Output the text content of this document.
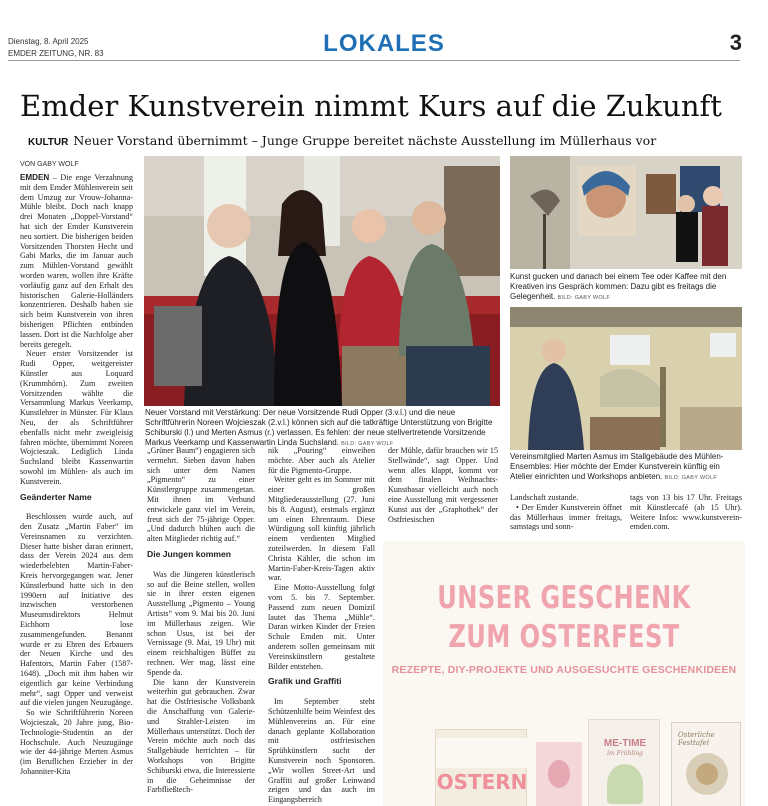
Dienstag, 8. April 2025
EMDER ZEITUNG, NR. 83	LOKALES	3
Emder Kunstverein nimmt Kurs auf die Zukunft
KULTUR Neuer Vorstand übernimmt – Junge Gruppe bereitet nächste Ausstellung im Müllerhaus vor
VON GABY WOLF

EMDEN – Die enge Verzahnung mit dem Emder Mühlenverein seit dem Umzug zur Vrouw-Johanna-Mühle bleibt. Doch nach knapp drei Monaten „Doppel-Vorstand“ hat sich der Emder Kunstverein neu sortiert. Die bisherigen beiden Vorsitzenden Thorsten Hecht und Gabi Marks, die im Januar auch zum Mühlen-Vorstand gewählt worden waren, wollen ihre Kräfte vorläufig ganz auf den Erhalt des historischen Galerie-Holländers konzentrieren. Deshalb haben sie sich beim Kunstverein von ihren bisherigen Pflichten entbinden lassen. Dort ist die Nachfolge aber bereits geregelt.

Neuer erster Vorsitzender ist Rudi Opper, weitgereister Künstler aus Loquard (Krummhörn). Zum zweiten Vorsitzenden wählte die Versammlung Markus Veerkamp, Kunstlehrer in Münster. Für Klaus Neu, der als Schriftführer ebenfalls nicht mehr zweigleisig fahren möchte, übernimmt Noreen Wojcieszak. Lediglich Linda Suchsland bleibt Kassenwartin sowohl im Mühlen- als auch im Kunstverein.

Geänderter Name

Beschlossen wurde auch, auf den Zusatz „Martin Faber“ im Vereinsnamen zu verzichten. Dieser hatte bisher daran erinnert, dass der Verein 2024 aus dem wiederbelebten Martin-Faber-Kreis hervorgegangen war. Jener Künstlerbund hatte sich in den 1990ern auf Initiative des inzwischen verstorbenen Museumsdirektors Helmut Eichhorn lose zusammengefunden. Benannt wurde er zu Ehren des Erbauers der Neuen Kirche und des Hafentors, Martin Faber (1587-1648). „Doch mit ihm haben wir eigentlich gar keine Verbindung mehr“, sagt Opper und verweist auf die vielen jungen Neuzugänge.

So wie Schriftführerin Noreen Wojcieszak, 20 Jahre jung, Bio-Technologie-Studentin an der Hochschule. Auch Neuzugänge wie der 44-jährige Merten Asmus (im Beruflichen Erzieher in der Johanniter-Kita

Neuer Vorstand mit Verstärkung: Der neue Vorsitzende Rudi Opper (3.v.l.) und die neue Schriftführerin Noreen Wojcieszak (2.v.l.) können sich auf die tatkräftige Unterstützung von Brigitte Schiburski (l.) und Merten Asmus (r.) verlassen. Es fehlen: der neue stellvertretende Vorsitzende Markus Veerkamp und Kassenwartin Linda Suchsland. BILD: GABY WOLF
Kunst gucken und danach bei einem Tee oder Kaffee mit den Kreativen ins Gespräch kommen: Dazu gibt es freitags die Gelegenheit. BILD: GABY WOLF
Vereinsmitglied Marten Asmus im Stallgebäude des Mühlen-Ensembles: Hier möchte der Emder Kunstverein künftig ein Atelier einrichten und Workshops anbieten. BILD: GABY WOLF

„Grüner Baum“) engagieren sich vermehrt. Sieben davon haben sich unter dem Namen „Pigmento“ zu einer Künstlergruppe zusammengetan. Mit ihnen im Verbund entwickele ganz viel im Verein, freut sich der 75-jährige Opper. „Und dadurch blühen auch die alten Mitglieder richtig auf.“

Die Jungen kommen

Was die Jüngeren künstlerisch so auf die Beine stellen, wollen sie in ihrer ersten eigenen Ausstellung „Pigmento – Young Artists“ vom 9. Mai bis 20. Juni im Müllerhaus zeigen. Wie schon Usus, ist bei der Vernissage (9. Mai, 19 Uhr) mit einem reichhaltigen Büffet zu rechnen. Wer mag, lässt eine Spende da.

Die kann der Kunstverein weiterhin gut gebrauchen. Zwar hat die Ostfriesische Volksbank die Anschaffung von Galerie- und Strahler-Leisten im Müllerhaus unterstützt. Doch der Verein möchte auch noch das Stallgebäude herrichten – für Workshops von Brigitte Schiburski etwa, die Interessierte in die Geheimnisse der Farbfließtech-

nik „Pouring“ einweihen möchte. Aber auch als Atelier für die Pigmento-Gruppe.

Weiter geht es im Sommer mit einer großen Mitgliederausstellung (27. Juni bis 8. August), erstmals ergänzt um einen Ehrenraum. Diese Würdigung soll künftig jährlich einem verdienten Mitglied zuteilwerden. In diesem Fall Christa Kähler, die schon im Martin-Faber-Kreis-Tagen aktiv war.

Eine Motto-Ausstellung folgt vom 5. bis 7. September. Passend zum neuen Domizil lautet das Thema „Mühle“. Daran wirken Kinder der Freien Schule Emden mit. Unter anderem sollen gemeinsam mit Vereinskünstlern gestaltete Bilder entstehen.

Grafik und Graffiti

Im September steht Schützenhilfe beim Weinfest des Mühlenvereins an. Für eine danach geplante Kollaboration mit ostfriesischen Sprühkünstlern sucht der Kunstverein noch Sponsoren. „Wir wollen Street-Art und Graffiti auf großer Leinwand zeigen und das auch im Eingangsbereich

der Mühle, dafür brauchen wir 15 Stellwände“, sagt Opper. Und wenn alles klappt, kommt vor dem finalen Weihnachts-Kunstbasar vielleicht auch noch eine Ausstellung mit vergessener Kunst aus der „Graphothek“ der Ostfriesischen

Landschaft zustande.

• Der Emder Kunstverein öffnet das Müllerhaus immer freitags, samstags und sonn-

tags von 13 bis 17 Uhr. Freitags mit Künstlercafé (ab 15 Uhr). Weitere Infos: www.kunstverein-emden.com.

UNSER GESCHENK
ZUM OSTERFEST
REZEPTE, DIY-PROJEKTE UND AUSGESUCHTE GESCHENKIDEEN
OSTERN
ME-TIME
im Frühling
Osterliche Festtafel
